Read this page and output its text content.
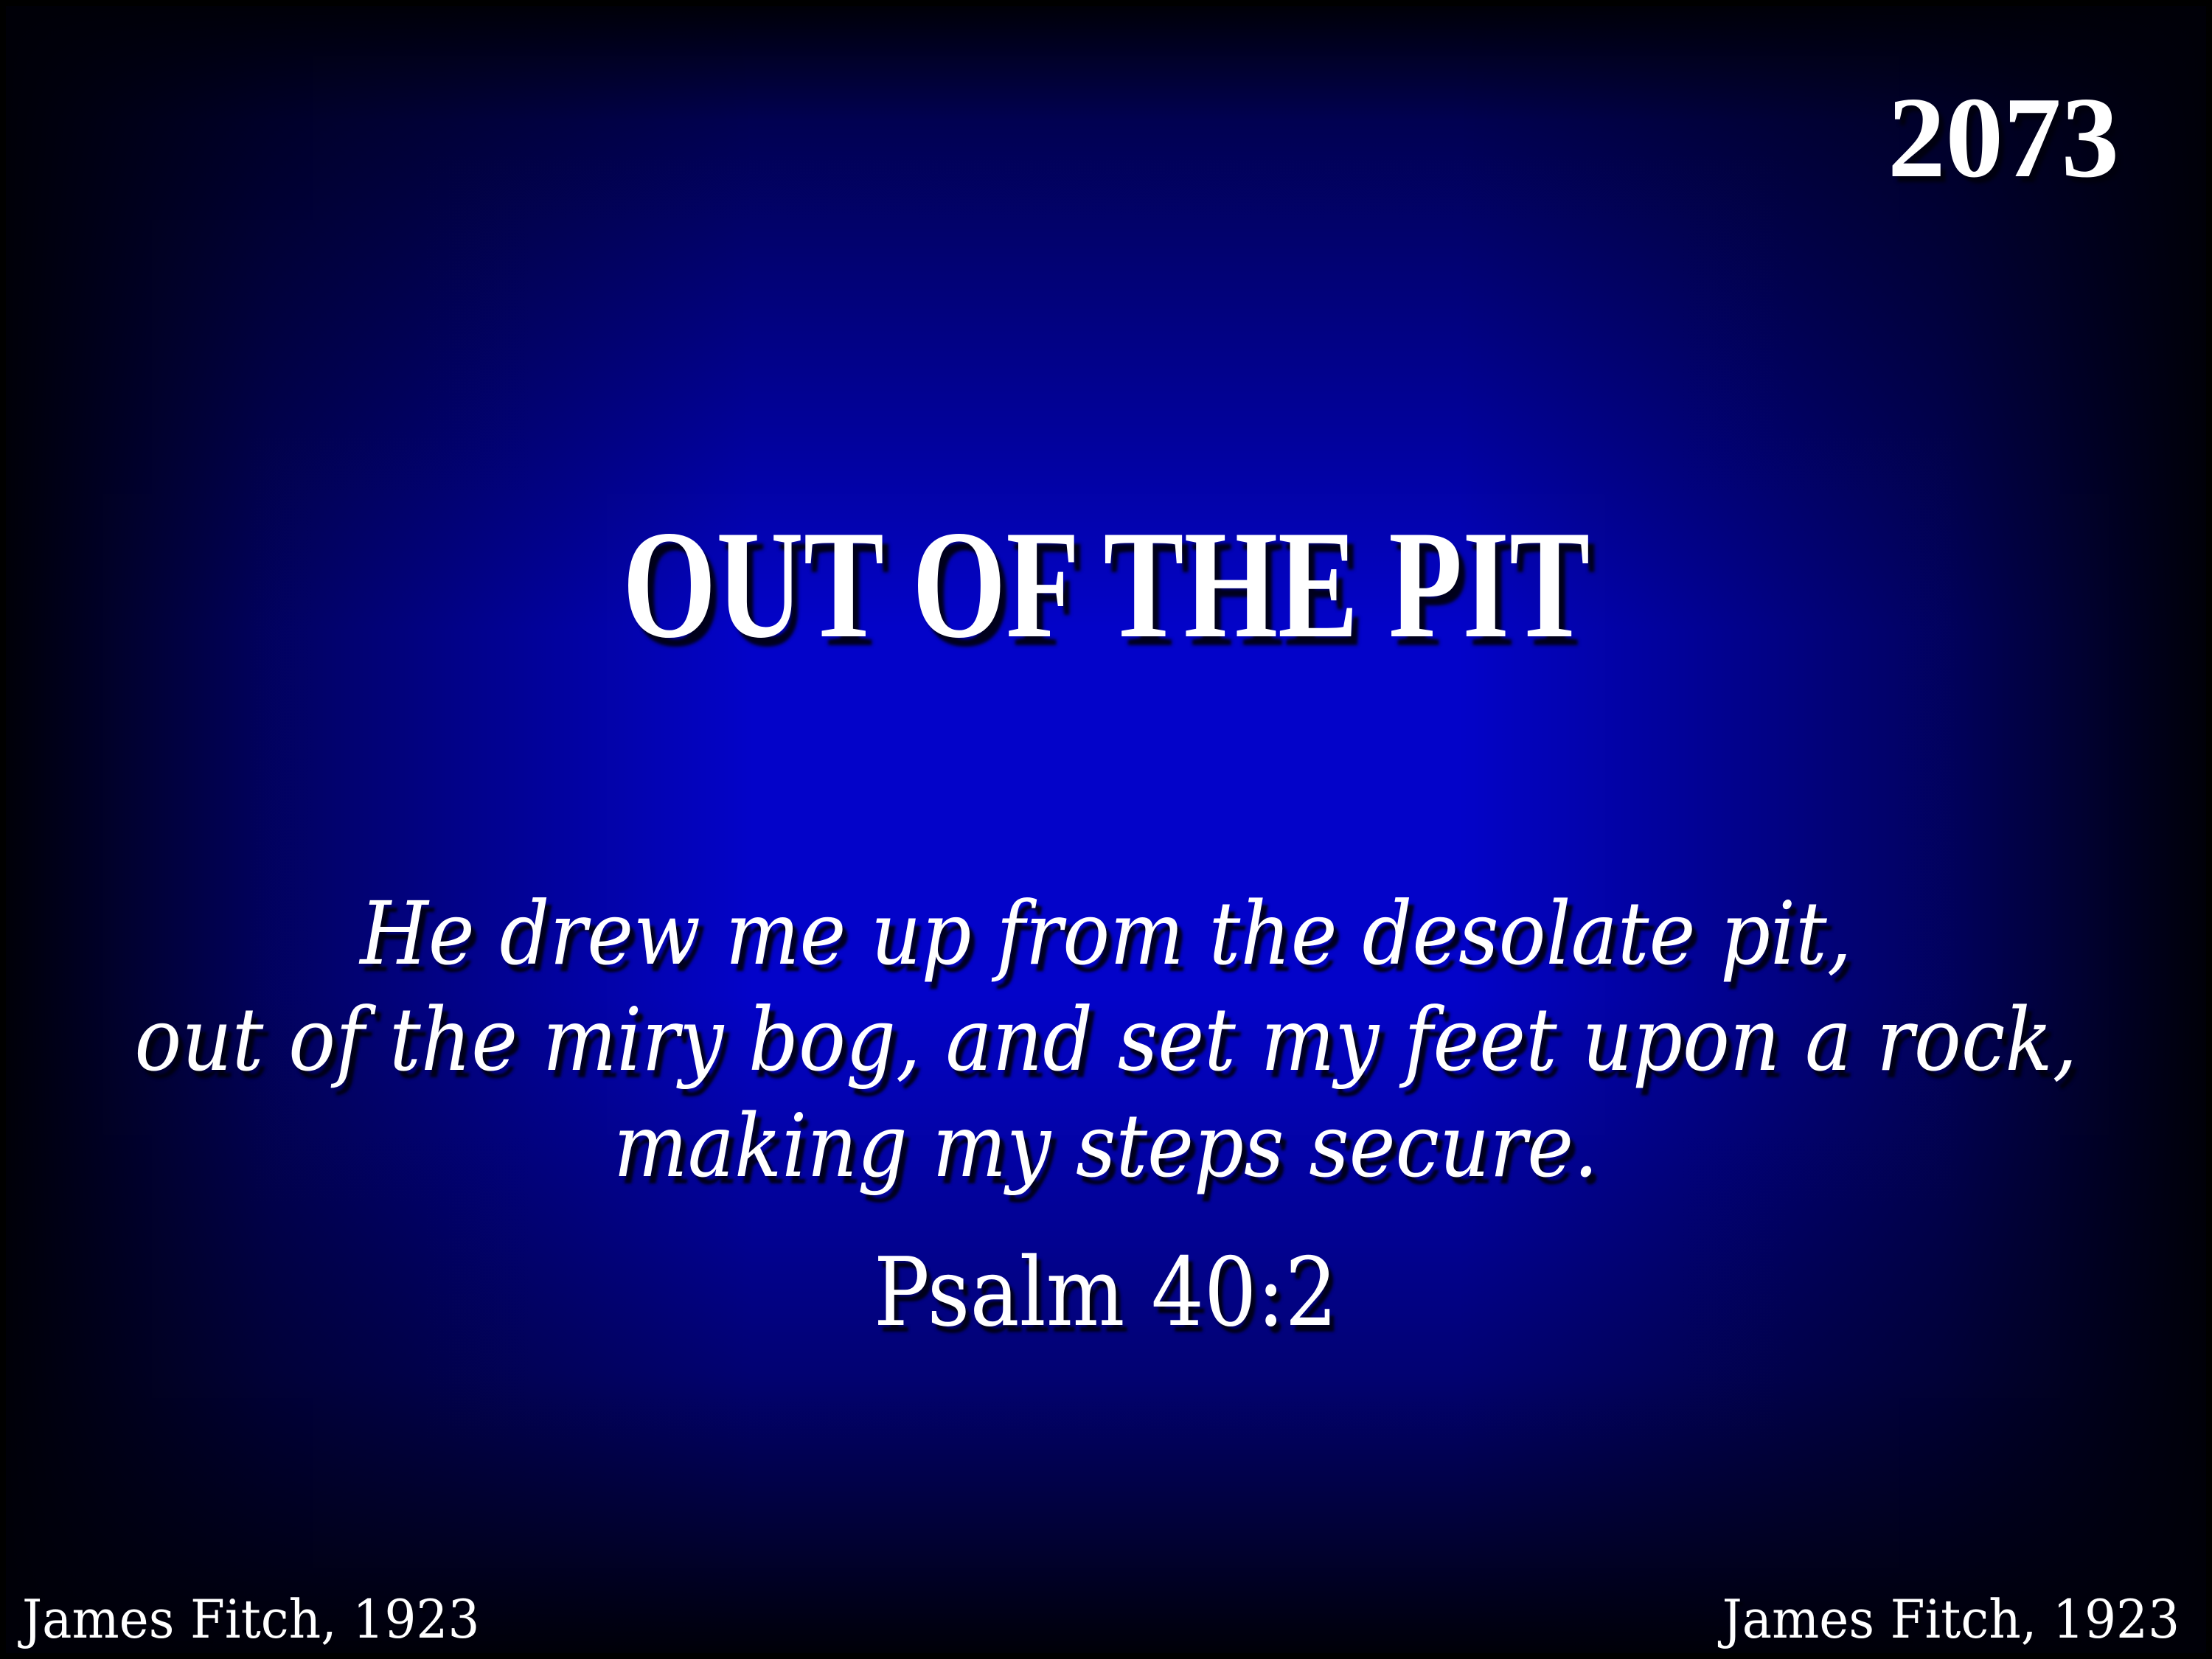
2073
OUT OF THE PIT
He drew me up from the desolate pit,
out of the miry bog, and set my feet upon a rock,
making my steps secure.
Psalm 40:2
James Fitch, 1923	James Fitch, 1923
